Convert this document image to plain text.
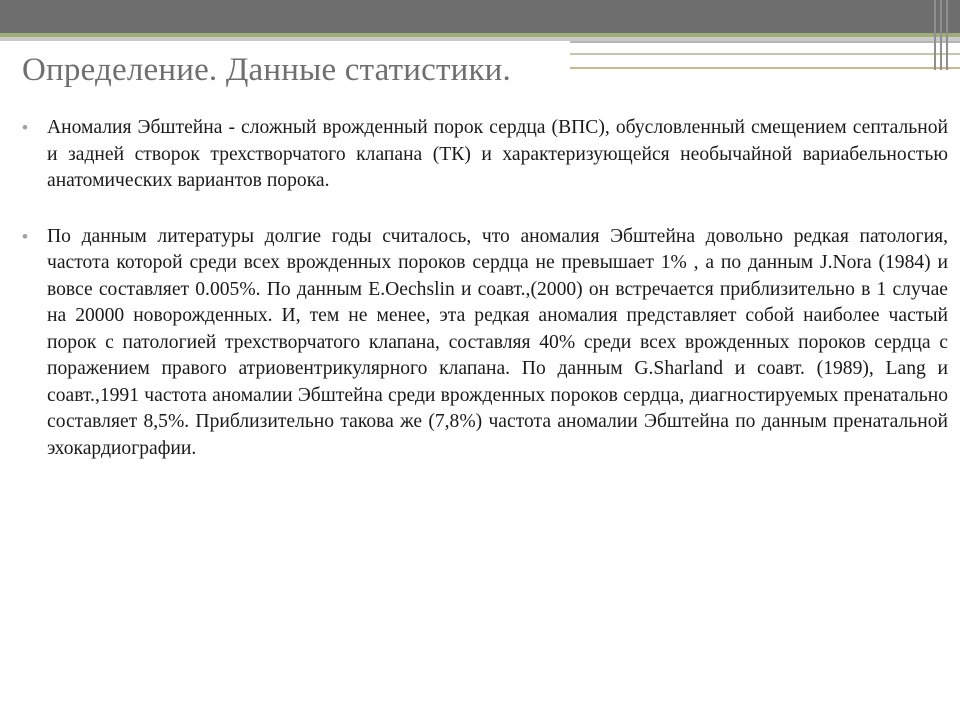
Определение. Данные статистики.

• Аномалия Эбштейна - сложный врожденный порок сердца (ВПС), обусловленный смещением септальной и задней створок трехстворчатого клапана (ТК) и характеризующейся необычайной вариабельностью анатомических вариантов порока.

• По данным литературы долгие годы считалось, что аномалия Эбштейна довольно редкая патология, частота которой среди всех врожденных пороков сердца не превышает 1% , а по данным J.Nora (1984) и вовсе составляет 0.005%. По данным E.Oechslin и соавт.,(2000) он встречается приблизительно в 1 случае на 20000 новорожденных. И, тем не менее, эта редкая аномалия представляет собой наиболее частый порок с патологией трехстворчатого клапана, составляя 40% среди всех врожденных пороков сердца с поражением правого атриовентрикулярного клапана. По данным G.Sharland и соавт. (1989), Lang и соавт.,1991 частота аномалии Эбштейна среди врожденных пороков сердца, диагностируемых пренатально составляет 8,5%. Приблизительно такова же (7,8%) частота аномалии Эбштейна по данным пренатальной эхокардиографии.
